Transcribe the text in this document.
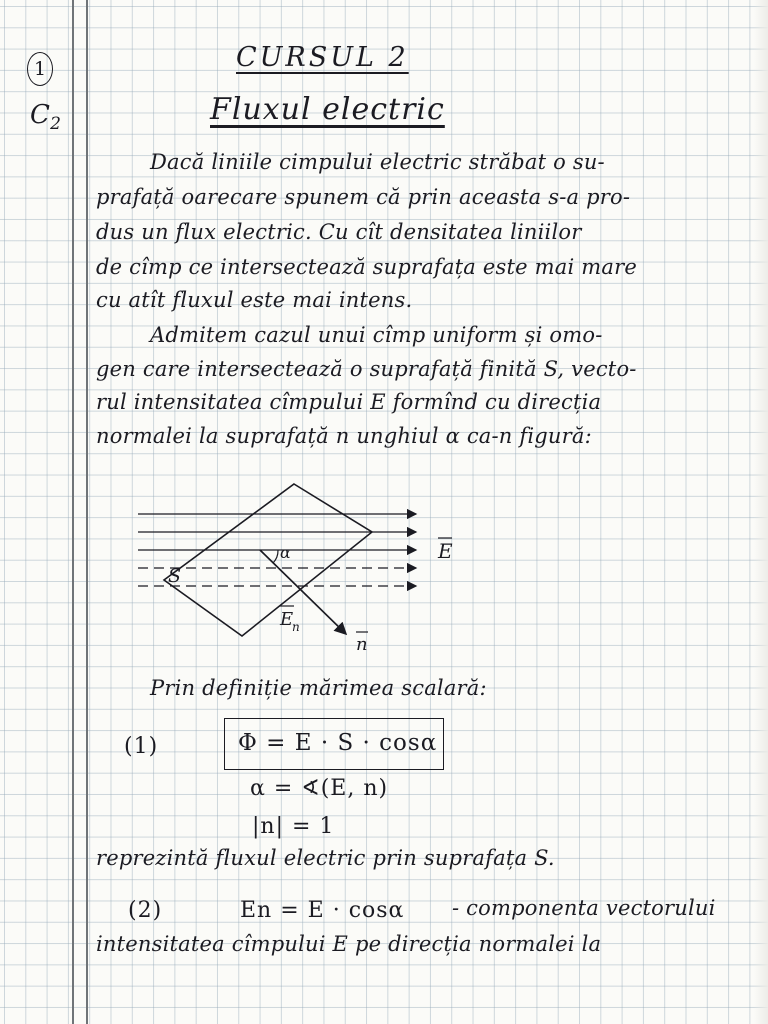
1
$C_2$
CURSUL 2
Fluxul electric
Dacă liniile cimpului electric străbat o su-
prafață oarecare spunem că prin aceasta s-a pro-
dus un flux electric. Cu cît densitatea liniilor
de cîmp ce intersectează suprafața este mai mare
cu atît fluxul este mai intens.
Admitem cazul unui cîmp uniform și omo-
gen care intersectează o suprafață finită S, vecto-
rul intensitatea cîmpului E formînd cu direcția
normalei la suprafață n unghiul α ca-n figură:
S
α	E
E
n
n
Prin definiție mărimea scalară:
(1)	Φ = E · S · cosα
α = ∢(E, n)
|n| = 1
reprezintă fluxul electric prin suprafața S.
(2)	En = E · cosα - componenta vectorului
intensitatea cîmpului E pe direcția normalei la
